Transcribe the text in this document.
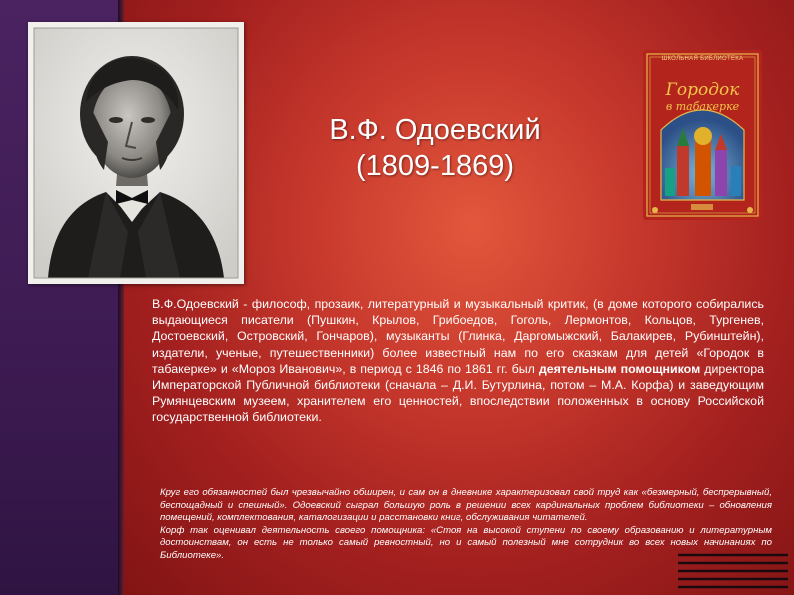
В.Ф. Одоевский
(1809-1869)
ШКОЛЬНАЯ БИБЛИОТЕКА
Городок
в табакерке
В.Ф.Одоевский - философ, прозаик, литературный и музыкальный критик, (в доме которого собирались выдающиеся писатели (Пушкин, Крылов, Грибоедов, Гоголь, Лермонтов, Кольцов, Тургенев, Достоевский, Островский, Гончаров), музыканты (Глинка, Даргомыжский, Балакирев, Рубинштейн), издатели, ученые, путешественники) более известный нам по его сказкам для детей «Городок в табакерке» и «Мороз Иванович», в период с 1846 по 1861 гг. был деятельным помощником директора Императорской Публичной библиотеки (сначала – Д.И. Бутурлина, потом – М.А. Корфа) и заведующим Румянцевским музеем, хранителем его ценностей, впоследствии положенных в основу Российской государственной библиотеки.

Круг его обязанностей был чрезвычайно обширен, и сам он в дневнике характеризовал свой труд как «безмерный, беспрерывный, беспощадный и спешный». Одоевский сыграл большую роль в решении всех кардинальных проблем библиотеки – обновления помещений, комплектования, каталогизации и расстановки книг, обслуживания читателей.

Корф так оценивал деятельность своего помощника: «Стоя на высокой ступени по своему образованию и литературным достоинствам, он есть не только самый ревностный, но и самый полезный мне сотрудник во всех новых начинаниях по Библиотеке».
